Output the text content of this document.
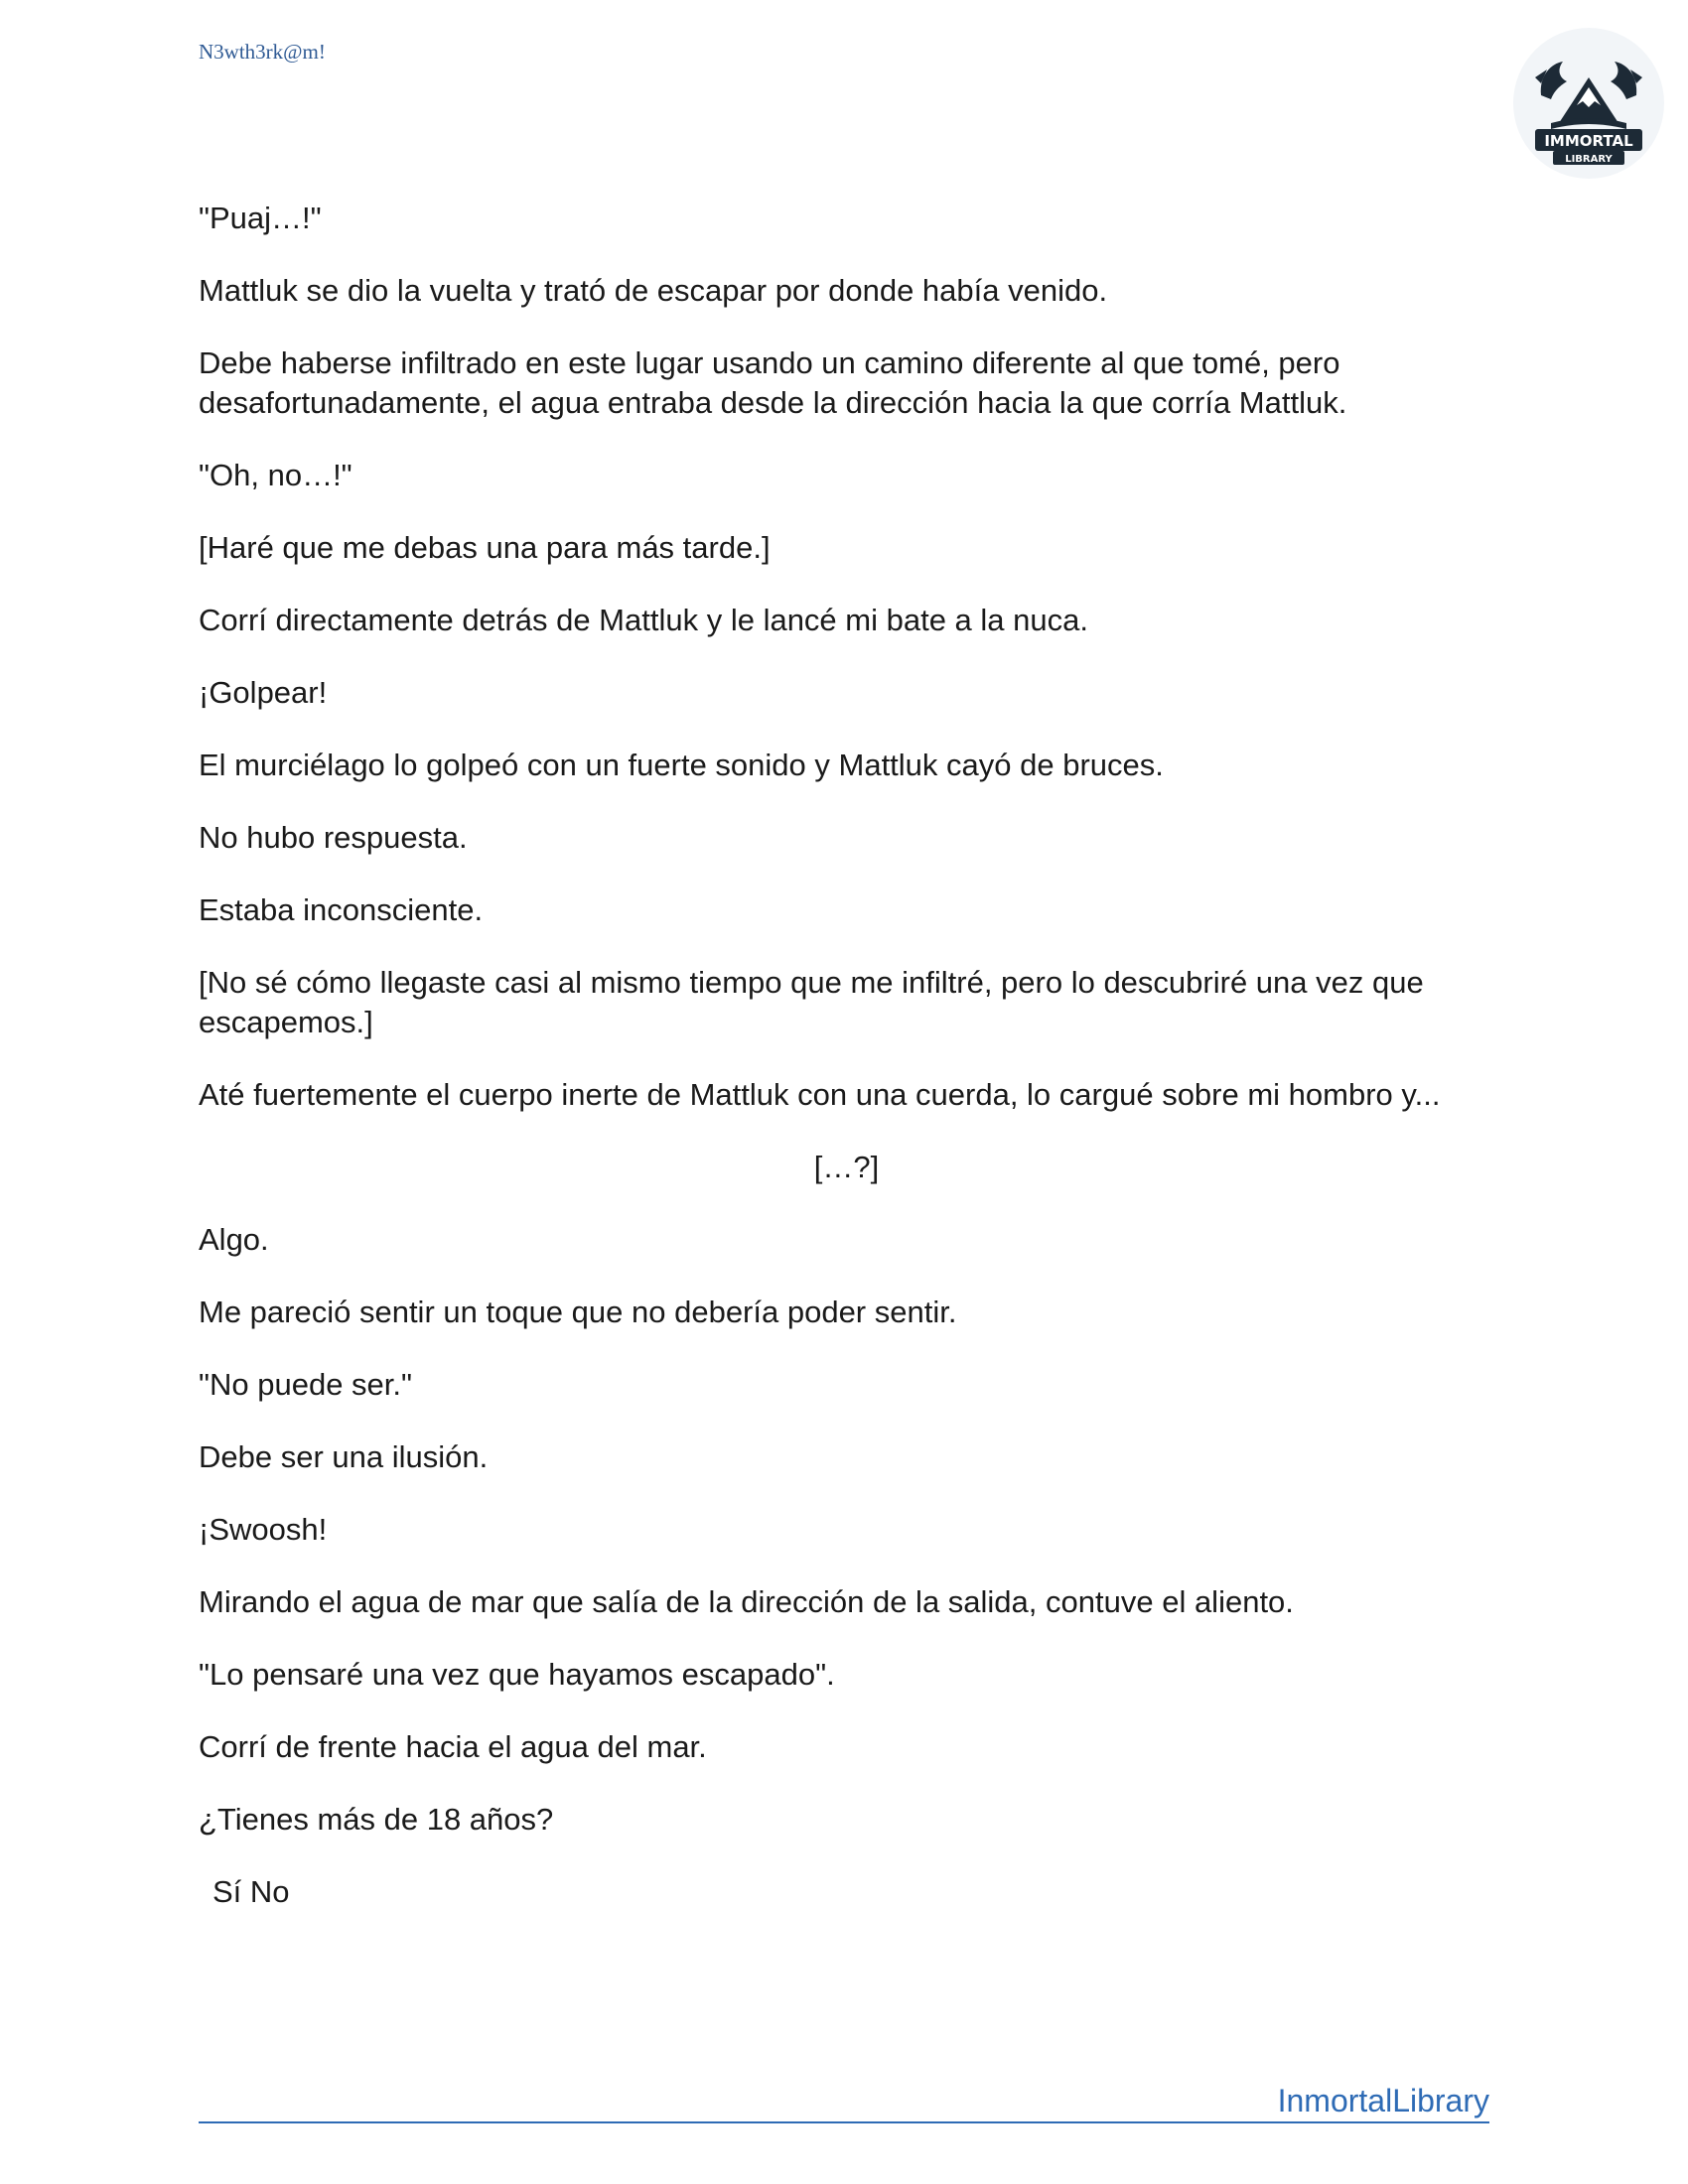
N3wth3rk@m!
IMMORTAL
LIBRARY

"Puaj…!"

Mattluk se dio la vuelta y trató de escapar por donde había venido.

Debe haberse infiltrado en este lugar usando un camino diferente al que tomé, pero desafortunadamente, el agua entraba desde la dirección hacia la que corría Mattluk.

"Oh, no…!"

[Haré que me debas una para más tarde.]

Corrí directamente detrás de Mattluk y le lancé mi bate a la nuca.

¡Golpear!

El murciélago lo golpeó con un fuerte sonido y Mattluk cayó de bruces.

No hubo respuesta.

Estaba inconsciente.

[No sé cómo llegaste casi al mismo tiempo que me infiltré, pero lo descubriré una vez que escapemos.]

Até fuertemente el cuerpo inerte de Mattluk con una cuerda, lo cargué sobre mi hombro y...

[…?]

Algo.

Me pareció sentir un toque que no debería poder sentir.

"No puede ser."

Debe ser una ilusión.

¡Swoosh!

Mirando el agua de mar que salía de la dirección de la salida, contuve el aliento.

"Lo pensaré una vez que hayamos escapado".

Corrí de frente hacia el agua del mar.

¿Tienes más de 18 años?

Sí No

InmortalLibrary
